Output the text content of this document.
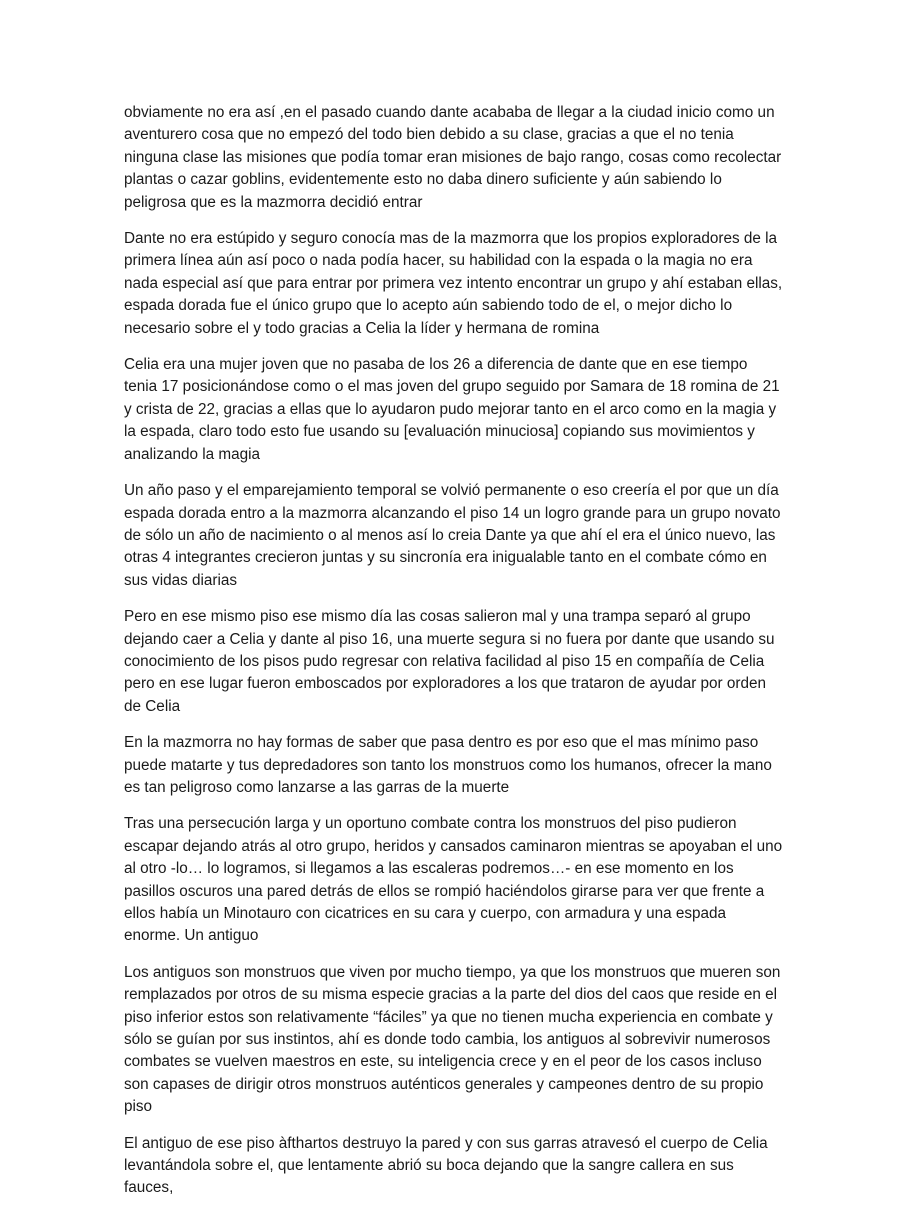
obviamente no era así ,en el pasado cuando dante acababa de llegar a la ciudad inicio como un aventurero cosa que no empezó del todo bien debido a su clase, gracias a que el no tenia ninguna clase las misiones que podía tomar eran misiones de bajo rango, cosas como recolectar plantas o cazar goblins, evidentemente esto no daba dinero suficiente y aún sabiendo lo peligrosa que es la mazmorra decidió entrar

Dante no era estúpido y seguro conocía mas de la mazmorra que los propios exploradores de la primera línea aún así poco o nada podía hacer, su habilidad con la espada o la magia no era nada especial así que para entrar por primera vez intento encontrar un grupo y ahí estaban ellas, espada dorada fue el único grupo que lo acepto aún sabiendo todo de el, o mejor dicho lo necesario sobre el y todo gracias a Celia la líder y hermana de romina

Celia era una mujer joven que no pasaba de los 26 a diferencia de dante que en ese tiempo tenia 17 posicionándose como o el mas joven del grupo seguido por Samara de 18 romina de 21 y crista de 22, gracias a ellas que lo ayudaron pudo mejorar tanto en el arco como en la magia y la espada, claro todo esto fue usando su [evaluación minuciosa] copiando sus movimientos y analizando la magia

Un año paso y el emparejamiento temporal se volvió permanente o eso creería el por que un día espada dorada entro a la mazmorra alcanzando el piso 14 un logro grande para un grupo novato de sólo un año de nacimiento o al menos así lo creia Dante ya que ahí el era el único nuevo, las otras 4 integrantes crecieron juntas y su sincronía era inigualable tanto en el combate cómo en sus vidas diarias

Pero en ese mismo piso ese mismo día las cosas salieron mal y una trampa separó al grupo dejando caer a Celia y dante al piso 16, una muerte segura si no fuera por dante que usando su conocimiento de los pisos pudo regresar con relativa facilidad al piso 15 en compañía de Celia pero en ese lugar fueron emboscados por exploradores a los que trataron de ayudar por orden de Celia

En la mazmorra no hay formas de saber que pasa dentro es por eso que el mas mínimo paso puede matarte y tus depredadores son tanto los monstruos como los humanos, ofrecer la mano es tan peligroso como lanzarse a las garras de la muerte

Tras una persecución larga y un oportuno combate contra los monstruos del piso pudieron escapar dejando atrás al otro grupo, heridos y cansados caminaron mientras se apoyaban el uno al otro -lo… lo logramos, si llegamos a las escaleras podremos…- en ese momento en los pasillos oscuros una pared detrás de ellos se rompió haciéndolos girarse para ver que frente a ellos había un Minotauro con cicatrices en su cara y cuerpo, con armadura y una espada enorme. Un antiguo

Los antiguos son monstruos que viven por mucho tiempo, ya que los monstruos que mueren son remplazados por otros de su misma especie gracias a la parte del dios del caos que reside en el piso inferior estos son relativamente “fáciles” ya que no tienen mucha experiencia en combate y sólo se guían por sus instintos, ahí es donde todo cambia, los antiguos al sobrevivir numerosos combates se vuelven maestros en este, su inteligencia crece y en el peor de los casos incluso son capases de dirigir otros monstruos auténticos generales y campeones dentro de su propio piso

El antiguo de ese piso àfthartos destruyo la pared y con sus garras atravesó el cuerpo de Celia levantándola sobre el, que lentamente abrió su boca dejando que la sangre callera en sus fauces,
